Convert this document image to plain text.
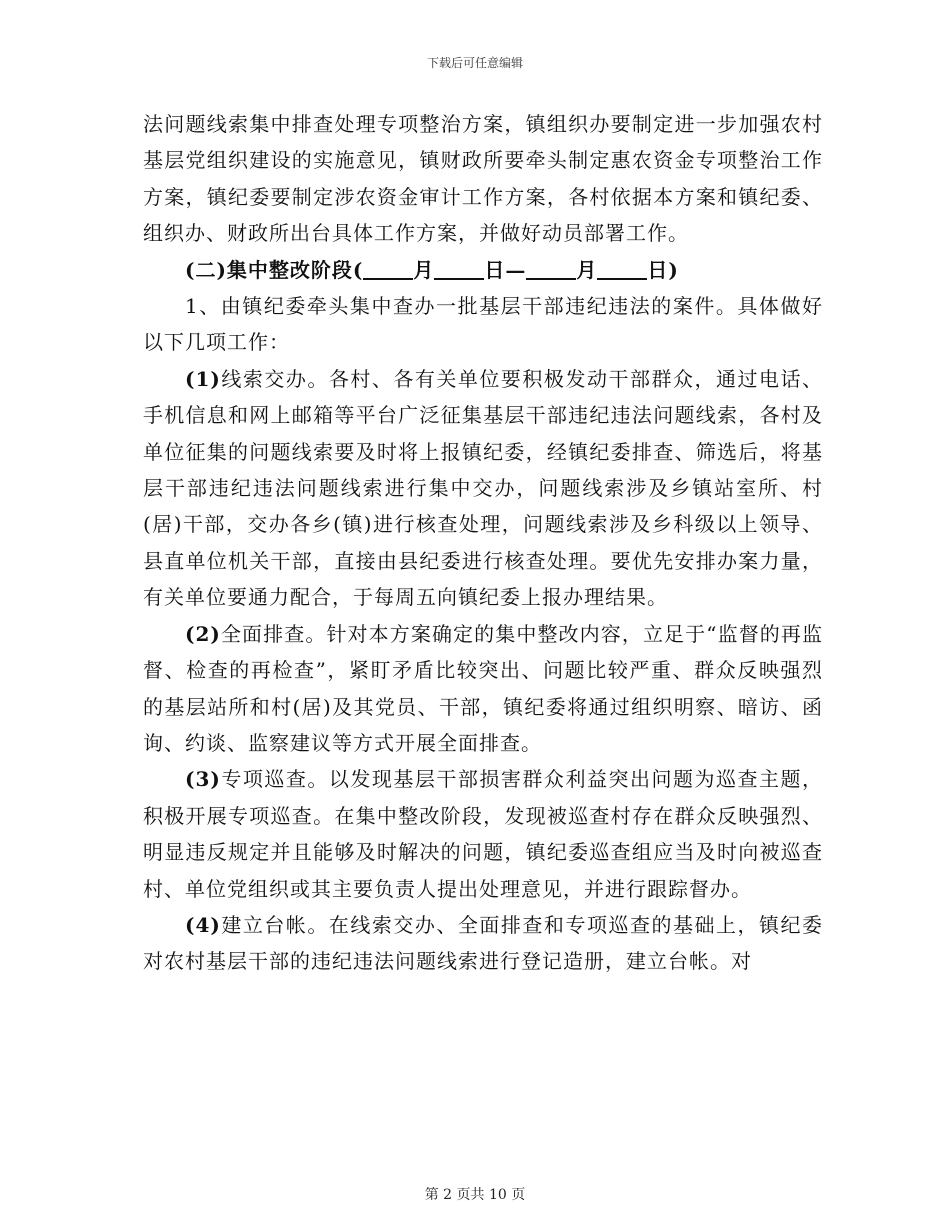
下载后可任意编辑

法问题线索集中排查处理专项整治方案，镇组织办要制定进一步加强农村基层党组织建设的实施意见，镇财政所要牵头制定惠农资金专项整治工作方案，镇纪委要制定涉农资金审计工作方案，各村依据本方案和镇纪委、组织办、财政所出台具体工作方案，并做好动员部署工作。

(二)集中整改阶段(	月	日—	月	日)

1、由镇纪委牵头集中查办一批基层干部违纪违法的案件。具体做好以下几项工作：

(1)线索交办。各村、各有关单位要积极发动干部群众，通过电话、手机信息和网上邮箱等平台广泛征集基层干部违纪违法问题线索，各村及单位征集的问题线索要及时将上报镇纪委，经镇纪委排查、筛选后，将基层干部违纪违法问题线索进行集中交办，问题线索涉及乡镇站室所、村(居)干部，交办各乡(镇)进行核查处理，问题线索涉及乡科级以上领导、县直单位机关干部，直接由县纪委进行核查处理。要优先安排办案力量，有关单位要通力配合，于每周五向镇纪委上报办理结果。

(2)全面排查。针对本方案确定的集中整改内容，立足于“监督的再监督、检查的再检查”，紧盯矛盾比较突出、问题比较严重、群众反映强烈的基层站所和村(居)及其党员、干部，镇纪委将通过组织明察、暗访、函询、约谈、监察建议等方式开展全面排查。

(3)专项巡查。以发现基层干部损害群众利益突出问题为巡查主题，积极开展专项巡查。在集中整改阶段，发现被巡查村存在群众反映强烈、明显违反规定并且能够及时解决的问题，镇纪委巡查组应当及时向被巡查村、单位党组织或其主要负责人提出处理意见，并进行跟踪督办。

(4)建立台帐。在线索交办、全面排查和专项巡查的基础上，镇纪委对农村基层干部的违纪违法问题线索进行登记造册，建立台帐。对

第 2 页共 10 页
